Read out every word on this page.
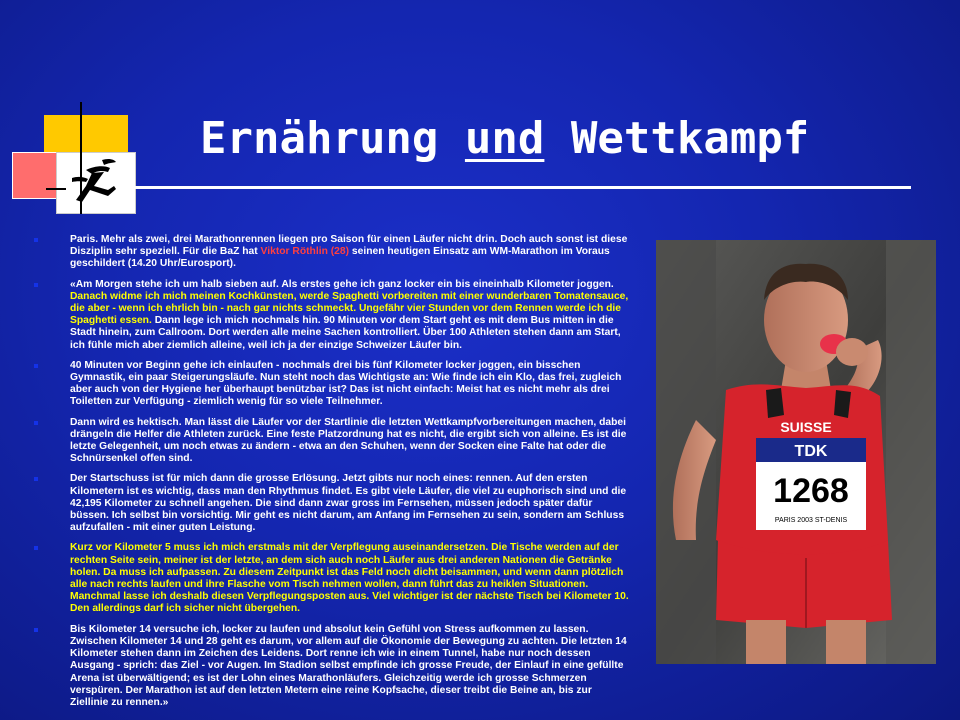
Ernährung und Wettkampf
Paris. Mehr als zwei, drei Marathonrennen liegen pro Saison für einen Läufer nicht drin. Doch auch sonst ist diese Disziplin sehr speziell. Für die BaZ hat Viktor Röthlin (28) seinen heutigen Einsatz am WM-Marathon im Voraus geschildert (14.20 Uhr/Eurosport).
«Am Morgen stehe ich um halb sieben auf. Als erstes gehe ich ganz locker ein bis eineinhalb Kilometer joggen. Danach widme ich mich meinen Kochkünsten, werde Spaghetti vorbereiten mit einer wunderbaren Tomatensauce, die aber - wenn ich ehrlich bin - nach gar nichts schmeckt. Ungefähr vier Stunden vor dem Rennen werde ich die Spaghetti essen. Dann lege ich mich nochmals hin. 90 Minuten vor dem Start geht es mit dem Bus mitten in die Stadt hinein, zum Callroom. Dort werden alle meine Sachen kontrolliert. Über 100 Athleten stehen dann am Start, ich fühle mich aber ziemlich alleine, weil ich ja der einzige Schweizer Läufer bin.
40 Minuten vor Beginn gehe ich einlaufen - nochmals drei bis fünf Kilometer locker joggen, ein bisschen Gymnastik, ein paar Steigerungsläufe. Nun steht noch das Wichtigste an: Wie finde ich ein Klo, das frei, zugleich aber auch von der Hygiene her überhaupt benützbar ist? Das ist nicht einfach: Meist hat es nicht mehr als drei Toiletten zur Verfügung - ziemlich wenig für so viele Teilnehmer.
Dann wird es hektisch. Man lässt die Läufer vor der Startlinie die letzten Wettkampfvorbereitungen machen, dabei drängeln die Helfer die Athleten zurück. Eine feste Platzordnung hat es nicht, die ergibt sich von alleine. Es ist die letzte Gelegenheit, um noch etwas zu ändern - etwa an den Schuhen, wenn der Socken eine Falte hat oder die Schnürsenkel offen sind.
Der Startschuss ist für mich dann die grosse Erlösung. Jetzt gibts nur noch eines: rennen. Auf den ersten Kilometern ist es wichtig, dass man den Rhythmus findet. Es gibt viele Läufer, die viel zu euphorisch sind und die 42,195 Kilometer zu schnell angehen. Die sind dann zwar gross im Fernsehen, müssen jedoch später dafür büssen. Ich selbst bin vorsichtig. Mir geht es nicht darum, am Anfang im Fernsehen zu sein, sondern am Schluss aufzufallen - mit einer guten Leistung.
Kurz vor Kilometer 5 muss ich mich erstmals mit der Verpflegung auseinandersetzen. Die Tische werden auf der rechten Seite sein, meiner ist der letzte, an dem sich auch noch Läufer aus drei anderen Nationen die Getränke holen. Da muss ich aufpassen. Zu diesem Zeitpunkt ist das Feld noch dicht beisammen, und wenn dann plötzlich alle nach rechts laufen und ihre Flasche vom Tisch nehmen wollen, dann führt das zu heiklen Situationen. Manchmal lasse ich deshalb diesen Verpflegungsposten aus. Viel wichtiger ist der nächste Tisch bei Kilometer 10. Den allerdings darf ich sicher nicht übergehen.
Bis Kilometer 14 versuche ich, locker zu laufen und absolut kein Gefühl von Stress aufkommen zu lassen. Zwischen Kilometer 14 und 28 geht es darum, vor allem auf die Ökonomie der Bewegung zu achten. Die letzten 14 Kilometer stehen dann im Zeichen des Leidens. Dort renne ich wie in einem Tunnel, habe nur noch dessen Ausgang - sprich: das Ziel - vor Augen. Im Stadion selbst empfinde ich grosse Freude, der Einlauf in eine gefüllte Arena ist überwältigend; es ist der Lohn eines Marathonläufers. Gleichzeitig werde ich grosse Schmerzen verspüren. Der Marathon ist auf den letzten Metern eine reine Kopfsache, dieser treibt die Beine an, bis zur Ziellinie zu rennen.»
SUISSE
TDK
1268
PARIS 2003 ST-DENIS
